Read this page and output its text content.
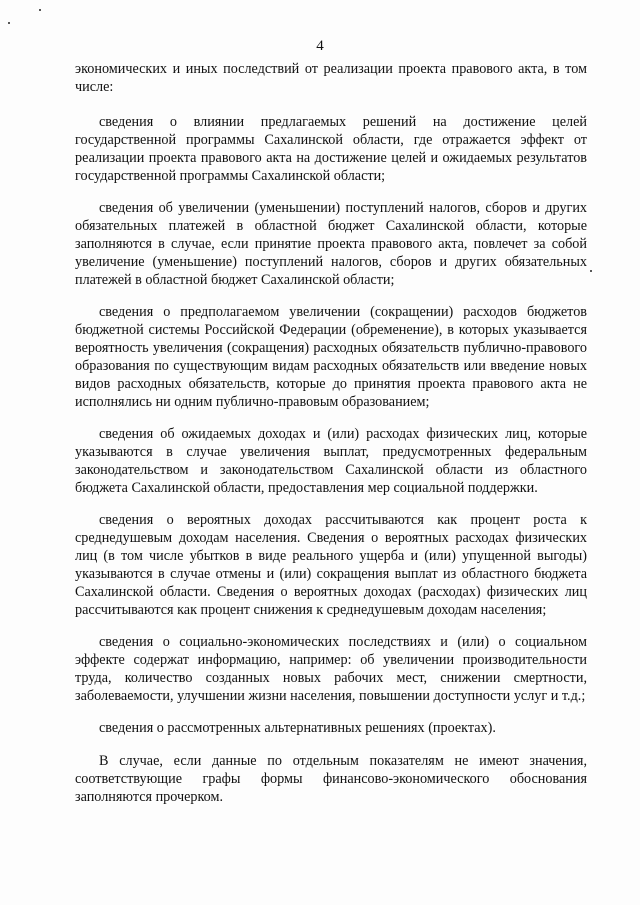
4

экономических и иных последствий от реализации проекта правового акта, в том числе:

сведения о влиянии предлагаемых решений на достижение целей государственной программы Сахалинской области, где отражается эффект от реализации проекта правового акта на достижение целей и ожидаемых результатов государственной программы Сахалинской области;

сведения об увеличении (уменьшении) поступлений налогов, сборов и других обязательных платежей в областной бюджет Сахалинской области, которые заполняются в случае, если принятие проекта правового акта, повлечет за собой увеличение (уменьшение) поступлений налогов, сборов и других обязательных платежей в областной бюджет Сахалинской области;

сведения о предполагаемом увеличении (сокращении) расходов бюджетов бюджетной системы Российской Федерации (обременение), в которых указывается вероятность увеличения (сокращения) расходных обязательств публично-правового образования по существующим видам расходных обязательств или введение новых видов расходных обязательств, которые до принятия проекта правового акта не исполнялись ни одним публично-правовым образованием;

сведения об ожидаемых доходах и (или) расходах физических лиц, которые указываются в случае увеличения выплат, предусмотренных федеральным законодательством и законодательством Сахалинской области из областного бюджета Сахалинской области, предоставления мер социальной поддержки.

сведения о вероятных доходах рассчитываются как процент роста к среднедушевым доходам населения. Сведения о вероятных расходах физических лиц (в том числе убытков в виде реального ущерба и (или) упущенной выгоды) указываются в случае отмены и (или) сокращения выплат из областного бюджета Сахалинской области. Сведения о вероятных доходах (расходах) физических лиц рассчитываются как процент снижения к среднедушевым доходам населения;

сведения о социально-экономических последствиях и (или) о социальном эффекте содержат информацию, например: об увеличении производительности труда, количество созданных новых рабочих мест, снижении смертности, заболеваемости, улучшении жизни населения, повышении доступности услуг и т.д.;

сведения о рассмотренных альтернативных решениях (проектах).

В случае, если данные по отдельным показателям не имеют значения, соответствующие графы формы финансово-экономического обоснования заполняются прочерком.
